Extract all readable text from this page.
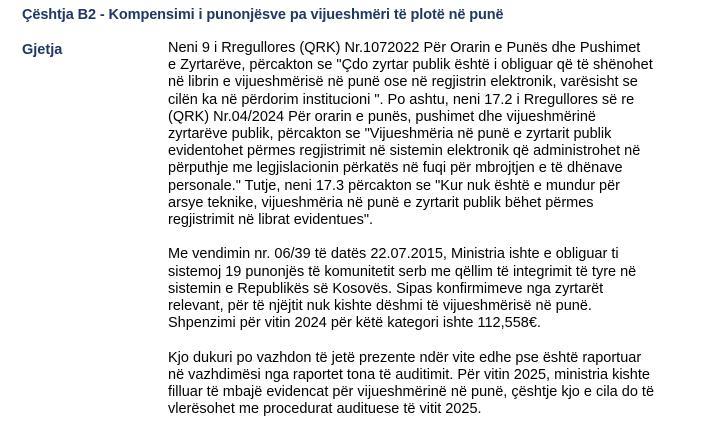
Çështja B2 - Kompensimi i punonjësve pa vijueshmëri të plotë në punë
Gjetja	Neni 9 i Rregullores (QRK) Nr.1072022 Për Orarin e Punës dhe Pushimet
e Zyrtarëve, përcakton se "Çdo zyrtar publik është i obliguar që të shënohet
në librin e vijueshmërisë në punë ose në regjistrin elektronik, varësisht se
cilën ka në përdorim institucioni ". Po ashtu, neni 17.2 i Rregullores së re
(QRK) Nr.04/2024 Për orarin e punës, pushimet dhe vijueshmërinë
zyrtarëve publik, përcakton se "Vijueshmëria në punë e zyrtarit publik
evidentohet përmes regjistrimit në sistemin elektronik që administrohet në
përputhje me legjislacionin përkatës në fuqi për mbrojtjen e të dhënave
personale." Tutje, neni 17.3 përcakton se "Kur nuk është e mundur për
arsye teknike, vijueshmëria në punë e zyrtarit publik bëhet përmes
regjistrimit në librat evidentues".
Me vendimin nr. 06/39 të datës 22.07.2015, Ministria ishte e obliguar ti
sistemoj 19 punonjës të komunitetit serb me qëllim të integrimit të tyre në
sistemin e Republikës së Kosovës. Sipas konfirmimeve nga zyrtarët
relevant, për të njëjtit nuk kishte dëshmi të vijueshmërisë në punë.
Shpenzimi për vitin 2024 për këtë kategori ishte 112,558€.
Kjo dukuri po vazhdon të jetë prezente ndër vite edhe pse është raportuar
në vazhdimësi nga raportet tona të auditimit. Për vitin 2025, ministria kishte
filluar të mbajë evidencat për vijueshmërinë në punë, çështje kjo e cila do të
vlerësohet me procedurat audituese të vitit 2025.
